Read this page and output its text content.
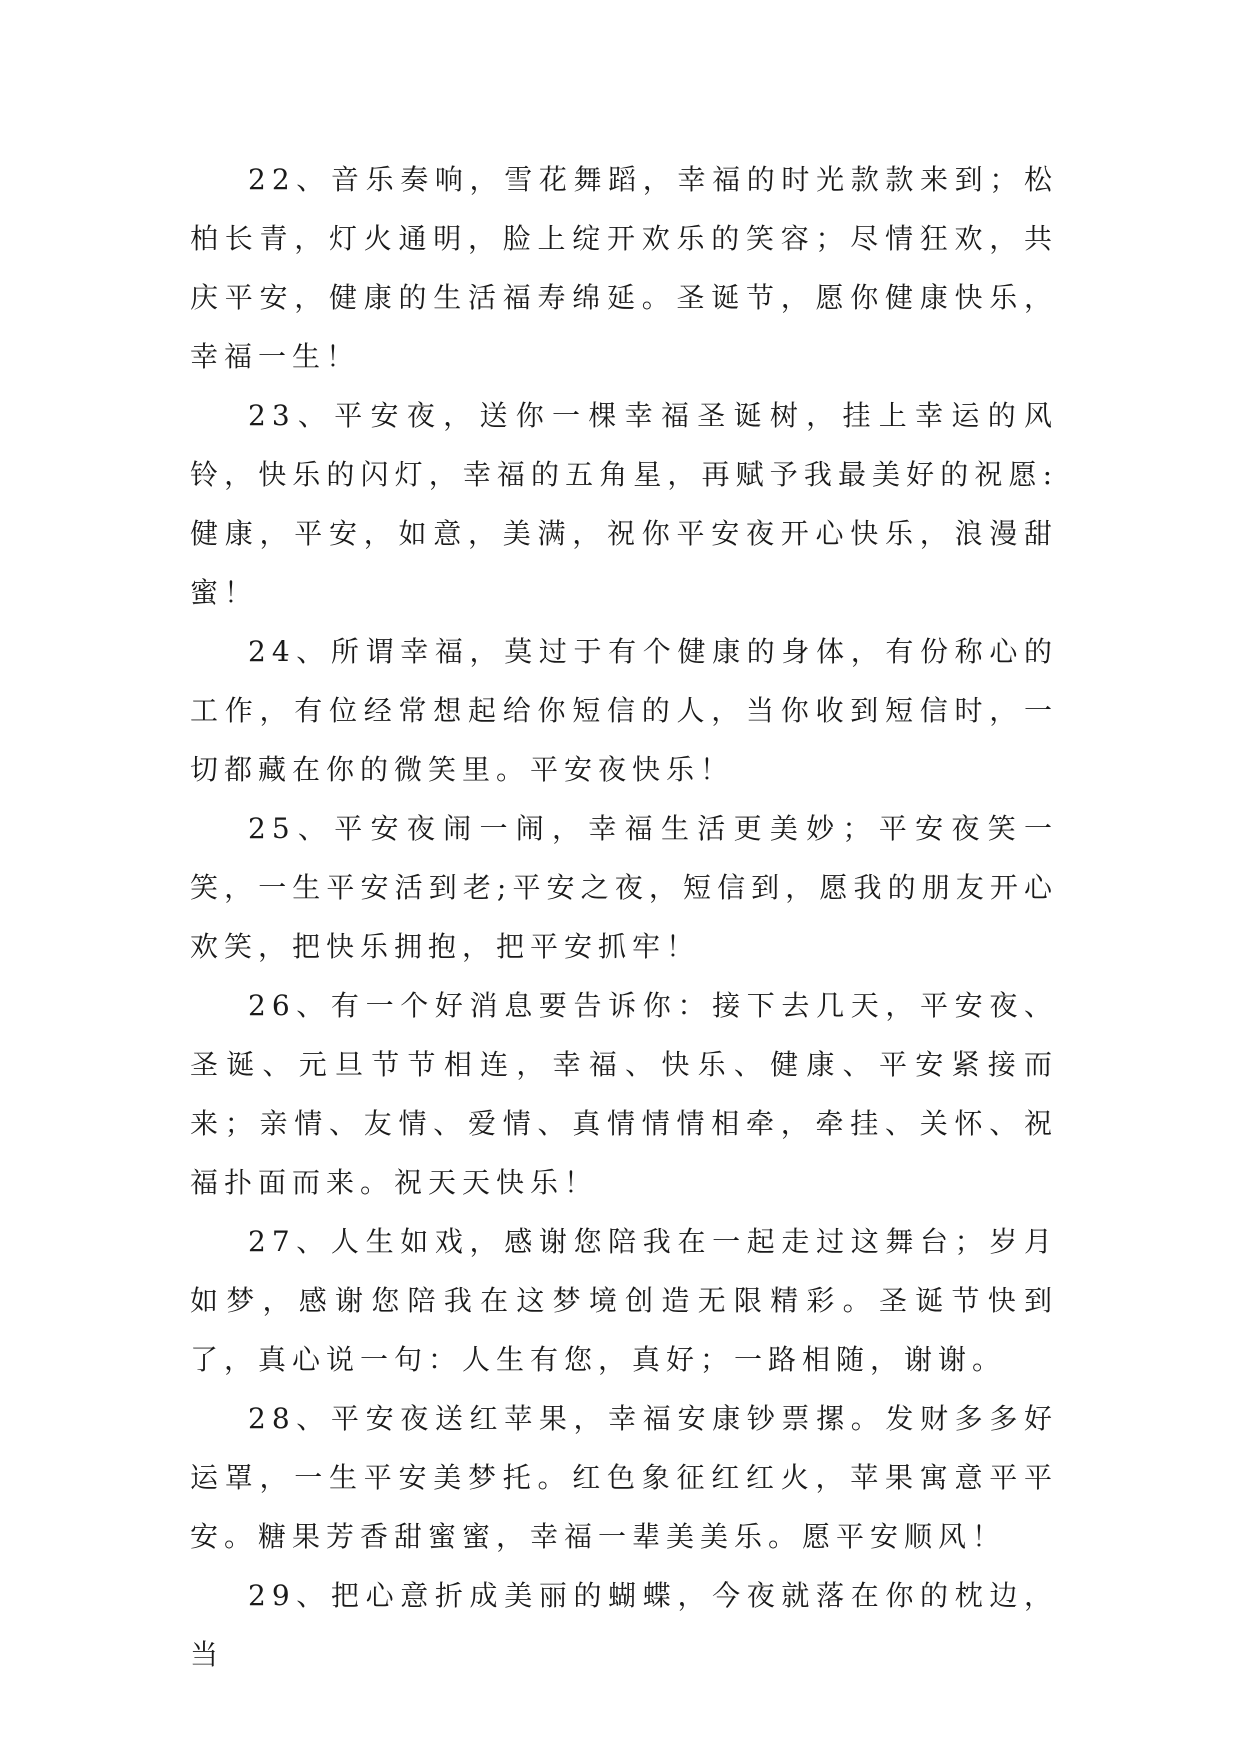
22、音乐奏响，雪花舞蹈，幸福的时光款款来到；松柏长青，灯火通明，脸上绽开欢乐的笑容；尽情狂欢，共庆平安，健康的生活福寿绵延。圣诞节，愿你健康快乐，幸福一生！

23、平安夜，送你一棵幸福圣诞树，挂上幸运的风铃，快乐的闪灯，幸福的五角星，再赋予我最美好的祝愿:健康，平安，如意，美满，祝你平安夜开心快乐，浪漫甜蜜！

24、所谓幸福，莫过于有个健康的身体，有份称心的工作，有位经常想起给你短信的人，当你收到短信时，一切都藏在你的微笑里。平安夜快乐！

25、平安夜闹一闹，幸福生活更美妙；平安夜笑一笑，一生平安活到老;平安之夜，短信到，愿我的朋友开心欢笑，把快乐拥抱，把平安抓牢！

26、有一个好消息要告诉你：接下去几天，平安夜、圣诞、元旦节节相连，幸福、快乐、健康、平安紧接而来；亲情、友情、爱情、真情情情相牵，牵挂、关怀、祝福扑面而来。祝天天快乐！

27、人生如戏，感谢您陪我在一起走过这舞台；岁月如梦，感谢您陪我在这梦境创造无限精彩。圣诞节快到了，真心说一句：人生有您，真好；一路相随，谢谢。

28、平安夜送红苹果，幸福安康钞票摞。发财多多好运罩，一生平安美梦托。红色象征红红火，苹果寓意平平安。糖果芳香甜蜜蜜，幸福一辈美美乐。愿平安顺风！

29、把心意折成美丽的蝴蝶，今夜就落在你的枕边，当
